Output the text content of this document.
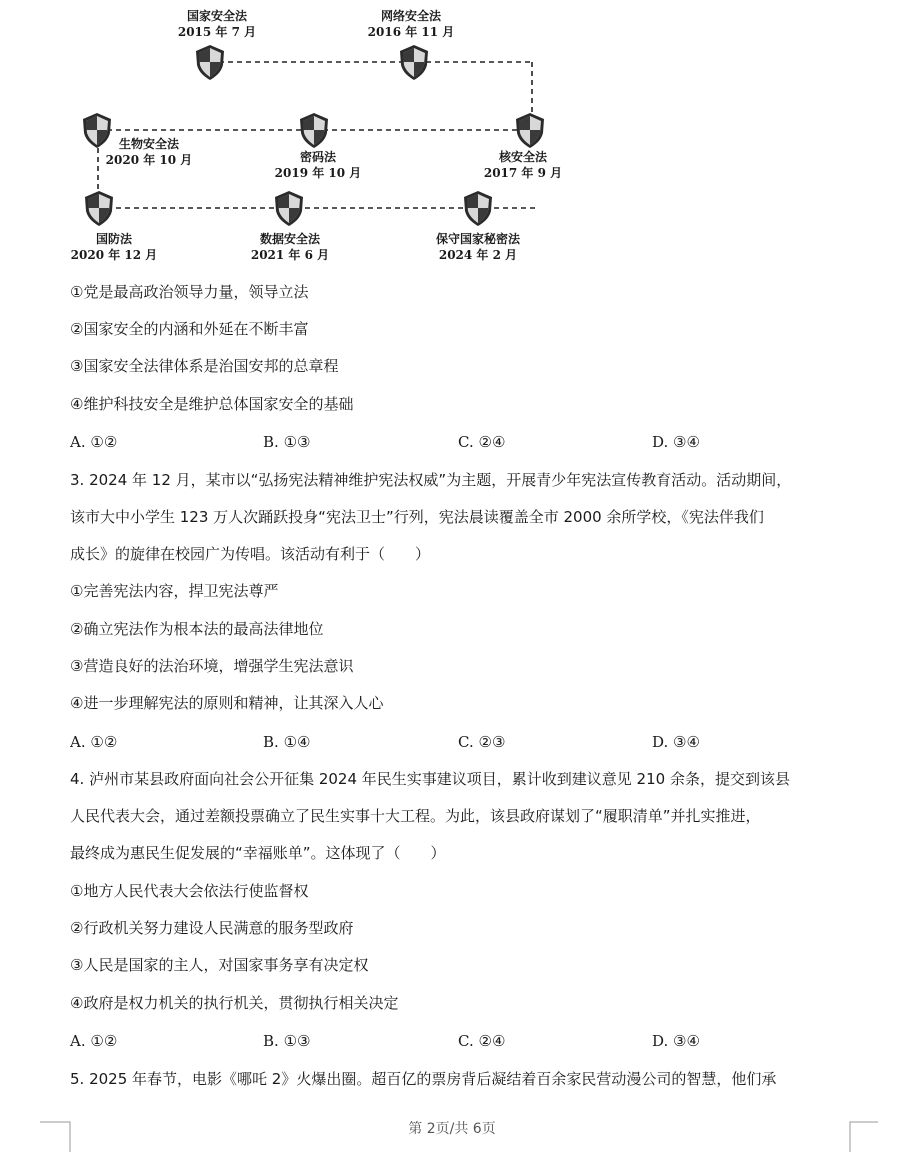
国家安全法
2015 年 7 月
网络安全法
2016 年 11 月
核安全法
2017 年 9 月
密码法
2019 年 10 月
生物安全法
2020 年 10 月
国防法
2020 年 12 月
数据安全法
2021 年 6 月
保守国家秘密法
2024 年 2 月
①党是最高政治领导力量，领导立法
②国家安全的内涵和外延在不断丰富
③国家安全法律体系是治国安邦的总章程
④维护科技安全是维护总体国家安全的基础
A. ①②	B. ①③	C. ②④	D. ③④
3. 2024 年 12 月，某市以“弘扬宪法精神维护宪法权威”为主题，开展青少年宪法宣传教育活动。活动期间，
该市大中小学生 123 万人次踊跃投身“宪法卫士”行列，宪法晨读覆盖全市 2000 余所学校，《宪法伴我们
成长》的旋律在校园广为传唱。该活动有利于（　　）
①完善宪法内容，捍卫宪法尊严
②确立宪法作为根本法的最高法律地位
③营造良好的法治环境，增强学生宪法意识
④进一步理解宪法的原则和精神，让其深入人心
A. ①②	B. ①④	C. ②③	D. ③④
4. 泸州市某县政府面向社会公开征集 2024 年民生实事建议项目，累计收到建议意见 210 余条，提交到该县
人民代表大会，通过差额投票确立了民生实事十大工程。为此，该县政府谋划了“履职清单”并扎实推进，
最终成为惠民生促发展的“幸福账单”。这体现了（　　）
①地方人民代表大会依法行使监督权
②行政机关努力建设人民满意的服务型政府
③人民是国家的主人，对国家事务享有决定权
④政府是权力机关的执行机关，贯彻执行相关决定
A. ①②	B. ①③	C. ②④	D. ③④
5. 2025 年春节，电影《哪吒 2》火爆出圈。超百亿的票房背后凝结着百余家民营动漫公司的智慧，他们承
第 2页/共 6页
